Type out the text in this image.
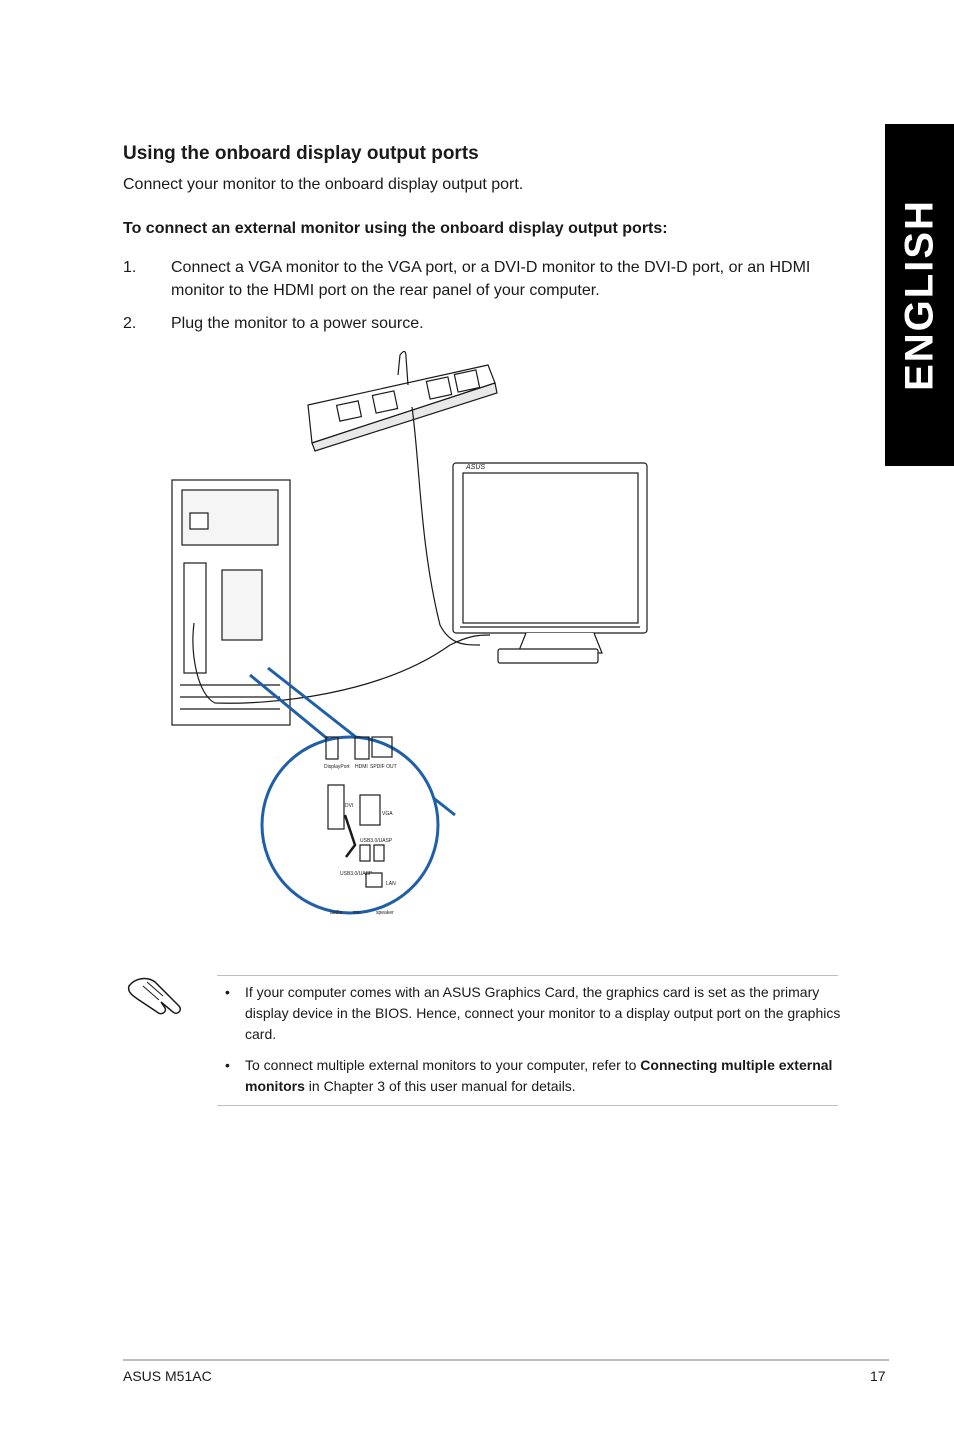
ENGLISH
Using the onboard display output ports
Connect your monitor to the onboard display output port.
To connect an external monitor using the onboard display output ports:
1. Connect a VGA monitor to the VGA port, or a DVI-D monitor to the DVI-D port, or an HDMI monitor to the HDMI port on the rear panel of your computer.
2. Plug the monitor to a power source.
DisplayPort HDMI SPDIF OUT
DVI
VGA
USB3.0/UASP
USB3.0/UASP
LAN
audio mic	speaker
ASUS
• If your computer comes with an ASUS Graphics Card, the graphics card is set as the primary display device in the BIOS. Hence, connect your monitor to a display output port on the graphics card.
• To connect multiple external monitors to your computer, refer to Connecting multiple external monitors in Chapter 3 of this user manual for details.
ASUS M51AC	17
